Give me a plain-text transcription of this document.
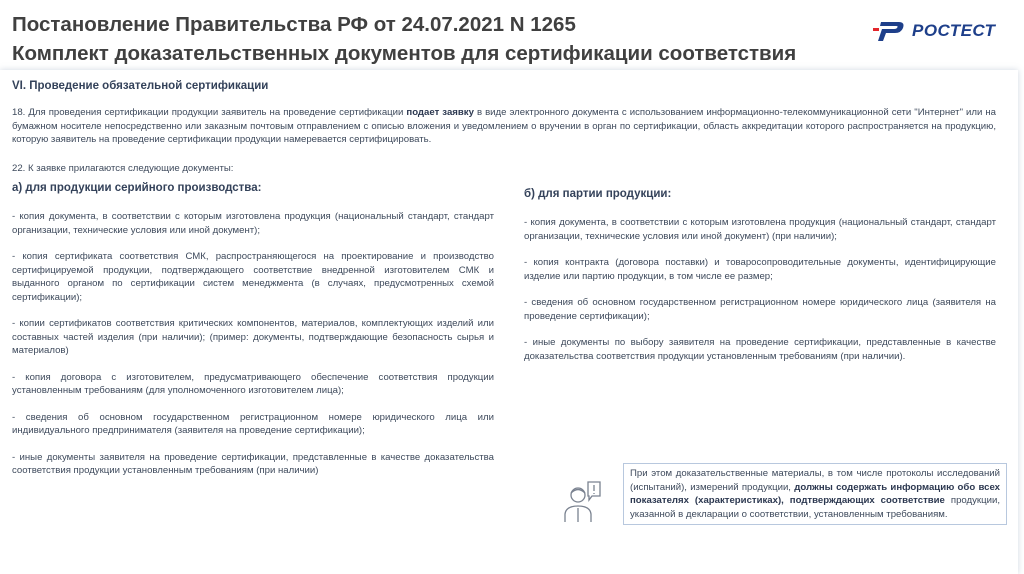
Постановление Правительства РФ от 24.07.2021 N 1265
Комплект доказательственных документов для сертификации соответствия
РОСТЕСТ
VI. Проведение обязательной сертификации
18. Для проведения сертификации продукции заявитель на проведение сертификации подает заявку в виде электронного документа с использованием информационно-телекоммуникационной сети "Интернет" или на бумажном носителе непосредственно или заказным почтовым отправлением с описью вложения и уведомлением о вручении в орган по сертификации, область аккредитации которого распространяется на продукцию, которую заявитель на проведение сертификации продукции намеревается сертифицировать.
22. К заявке прилагаются следующие документы:
а) для продукции серийного производства:
- копия документа, в соответствии с которым изготовлена продукция (национальный стандарт, стандарт организации, технические условия или иной документ);
- копия сертификата соответствия СМК, распространяющегося на проектирование и производство сертифицируемой продукции, подтверждающего соответствие внедренной изготовителем СМК и выданного органом по сертификации систем менеджмента (в случаях, предусмотренных схемой сертификации);
- копии сертификатов соответствия критических компонентов, материалов, комплектующих изделий или составных частей изделия (при наличии); (пример: документы, подтверждающие безопасность сырья и материалов)
- копия договора с изготовителем, предусматривающего обеспечение соответствия продукции установленным требованиям (для уполномоченного изготовителем лица);
- сведения об основном государственном регистрационном номере юридического лица или индивидуального предпринимателя (заявителя на проведение сертификации);
- иные документы заявителя на проведение сертификации, представленные в качестве доказательства соответствия продукции установленным требованиям (при наличии)
б) для партии продукции:
- копия документа, в соответствии с которым изготовлена продукция (национальный стандарт, стандарт организации, технические условия или иной документ) (при наличии);
- копия контракта (договора поставки) и товаросопроводительные документы, идентифицирующие изделие или партию продукции, в том числе ее размер;
- сведения об основном государственном регистрационном номере юридического лица (заявителя на проведение сертификации);
- иные документы по выбору заявителя на проведение сертификации, представленные в качестве доказательства соответствия продукции установленным требованиям (при наличии).
При этом доказательственные материалы, в том числе протоколы исследований (испытаний), измерений продукции, должны содержать информацию обо всех показателях (характеристиках), подтверждающих соответствие продукции, указанной в декларации о соответствии, установленным требованиям.
